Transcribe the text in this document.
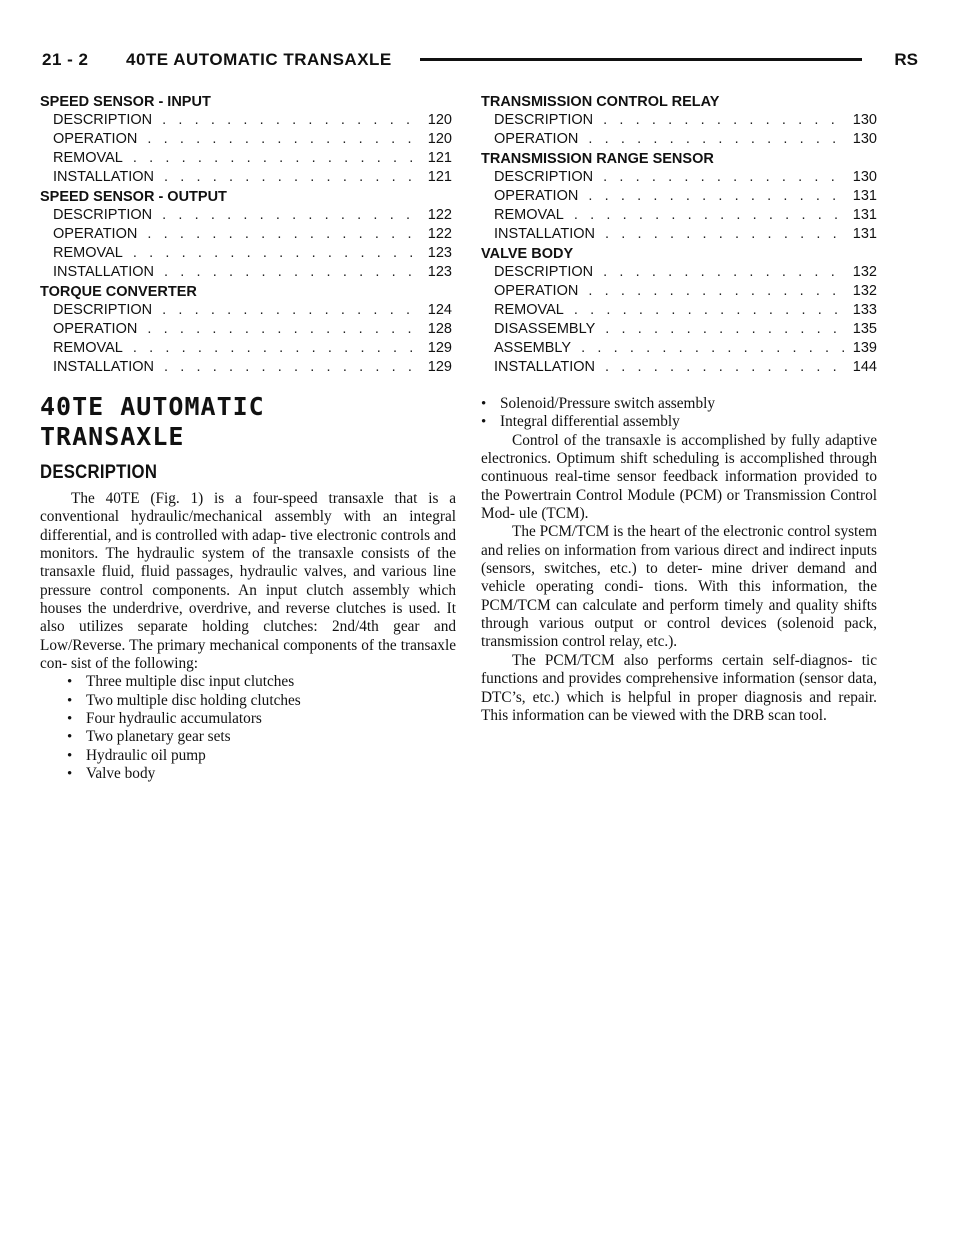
21 - 2 40TE AUTOMATIC TRANSAXLE	RS
SPEED SENSOR - INPUT
DESCRIPTION . . .	120
OPERATION . . .	120
REMOVAL . . .	121
INSTALLATION . . .	121
SPEED SENSOR - OUTPUT
DESCRIPTION . . .	122
OPERATION . . .	122
REMOVAL . . .	123
INSTALLATION . . .	123
TORQUE CONVERTER
DESCRIPTION . . .	124
OPERATION . . .	128
REMOVAL . . .	129
INSTALLATION . . .	129
TRANSMISSION CONTROL RELAY
DESCRIPTION . . .	130
OPERATION . . .	130
TRANSMISSION RANGE SENSOR
DESCRIPTION . . .	130
OPERATION . . .	131
REMOVAL . . .	131
INSTALLATION . . .	131
VALVE BODY
DESCRIPTION . . .	132
OPERATION . . .	132
REMOVAL . . .	133
DISASSEMBLY . . .	135
ASSEMBLY . . .	139
INSTALLATION . . .	144
40TE AUTOMATIC
TRANSAXLE
DESCRIPTION

The 40TE (Fig. 1) is a four-speed transaxle that is a conventional hydraulic/mechanical assembly with an integral differential, and is controlled with adap- tive electronic controls and monitors. The hydraulic system of the transaxle consists of the transaxle fluid, fluid passages, hydraulic valves, and various line pressure control components. An input clutch assembly which houses the underdrive, overdrive, and reverse clutches is used. It also utilizes separate holding clutches: 2nd/4th gear and Low/Reverse. The primary mechanical components of the transaxle con- sist of the following:

• Three multiple disc input clutches
• Two multiple disc holding clutches
• Four hydraulic accumulators
• Two planetary gear sets
• Hydraulic oil pump
• Valve body
• Solenoid/Pressure switch assembly
• Integral differential assembly

Control of the transaxle is accomplished by fully adaptive electronics. Optimum shift scheduling is accomplished through continuous real-time sensor feedback information provided to the Powertrain Control Module (PCM) or Transmission Control Mod- ule (TCM).

The PCM/TCM is the heart of the electronic control system and relies on information from various direct and indirect inputs (sensors, switches, etc.) to deter- mine driver demand and vehicle operating condi- tions. With this information, the PCM/TCM can calculate and perform timely and quality shifts through various output or control devices (solenoid pack, transmission control relay, etc.).

The PCM/TCM also performs certain self-diagnos- tic functions and provides comprehensive information (sensor data, DTC’s, etc.) which is helpful in proper diagnosis and repair. This information can be viewed with the DRB scan tool.
